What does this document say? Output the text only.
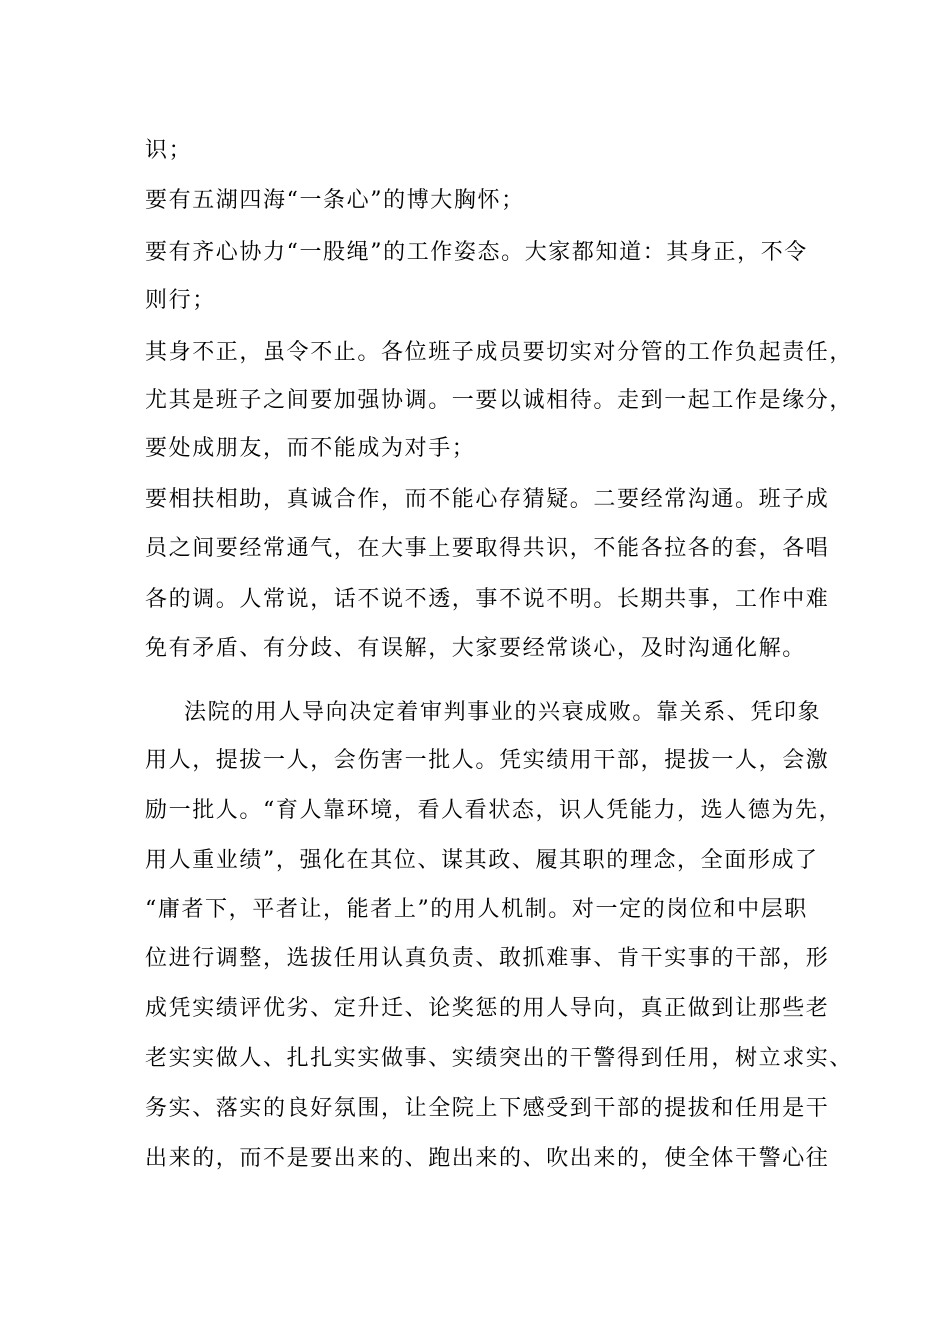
识；
要有五湖四海“一条心”的博大胸怀；
要有齐心协力“一股绳”的工作姿态。大家都知道：其身正，不令
则行；
其身不正，虽令不止。各位班子成员要切实对分管的工作负起责任，
尤其是班子之间要加强协调。一要以诚相待。走到一起工作是缘分，
要处成朋友，而不能成为对手；
要相扶相助，真诚合作，而不能心存猜疑。二要经常沟通。班子成
员之间要经常通气，在大事上要取得共识，不能各拉各的套，各唱
各的调。人常说，话不说不透，事不说不明。长期共事，工作中难
免有矛盾、有分歧、有误解，大家要经常谈心，及时沟通化解。
法院的用人导向决定着审判事业的兴衰成败。靠关系、凭印象
用人，提拔一人，会伤害一批人。凭实绩用干部，提拔一人，会激
励一批人。“育人靠环境，看人看状态，识人凭能力，选人德为先，
用人重业绩”，强化在其位、谋其政、履其职的理念，全面形成了
“庸者下，平者让，能者上”的用人机制。对一定的岗位和中层职
位进行调整，选拔任用认真负责、敢抓难事、肯干实事的干部，形
成凭实绩评优劣、定升迁、论奖惩的用人导向，真正做到让那些老
老实实做人、扎扎实实做事、实绩突出的干警得到任用，树立求实、
务实、落实的良好氛围，让全院上下感受到干部的提拔和任用是干
出来的，而不是要出来的、跑出来的、吹出来的，使全体干警心往
